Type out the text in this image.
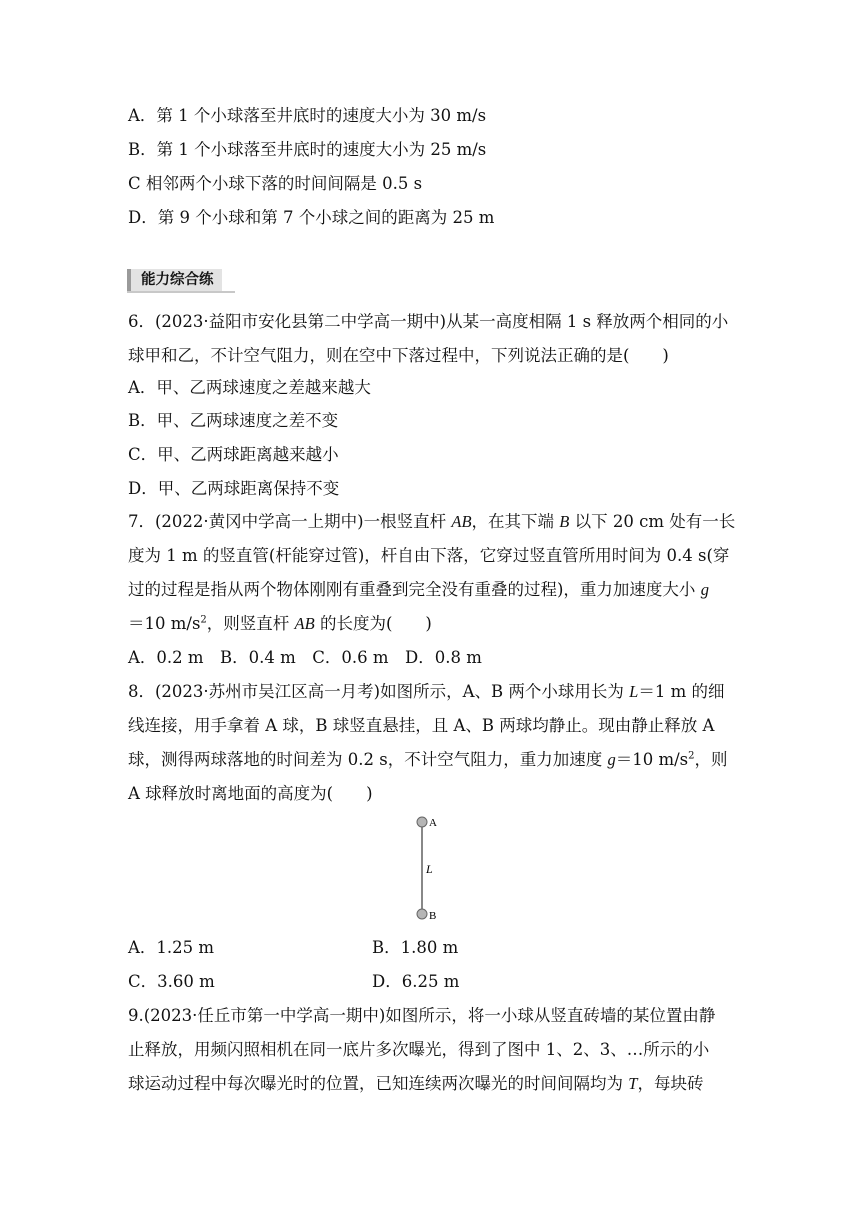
A．第 1 个小球落至井底时的速度大小为 30 m/s
B．第 1 个小球落至井底时的速度大小为 25 m/s
C 相邻两个小球下落的时间间隔是 0.5 s
D．第 9 个小球和第 7 个小球之间的距离为 25 m
能力综合练
6．(2023·益阳市安化县第二中学高一期中)从某一高度相隔 1 s 释放两个相同的小
球甲和乙，不计空气阻力，则在空中下落过程中，下列说法正确的是(　　)
A．甲、乙两球速度之差越来越大
B．甲、乙两球速度之差不变
C．甲、乙两球距离越来越小
D．甲、乙两球距离保持不变
7．(2022·黄冈中学高一上期中)一根竖直杆 AB，在其下端 B 以下 20 cm 处有一长
度为 1 m 的竖直管(杆能穿过管)，杆自由下落，它穿过竖直管所用时间为 0.4 s(穿
过的过程是指从两个物体刚刚有重叠到完全没有重叠的过程)，重力加速度大小 g
＝10 $m/s^2$，则竖直杆 AB 的长度为(　　)
A．0.2 m　B．0.4 m　C．0.6 m　D．0.8 m
8．(2023·苏州市吴江区高一月考)如图所示，A、B 两个小球用长为 L＝1 m 的细
线连接，用手拿着 A 球，B 球竖直悬挂，且 A、B 两球均静止。现由静止释放 A
球，测得两球落地的时间差为 0.2 s，不计空气阻力，重力加速度 g＝10 $m/s^2$，则
A 球释放时离地面的高度为(　　)
A
L
B
A．1.25 m	B．1.80 m
C．3.60 m	D．6.25 m
9.(2023·任丘市第一中学高一期中)如图所示，将一小球从竖直砖墙的某位置由静
止释放，用频闪照相机在同一底片多次曝光，得到了图中 1、2、3、…所示的小
球运动过程中每次曝光时的位置，已知连续两次曝光的时间间隔均为 T，每块砖
